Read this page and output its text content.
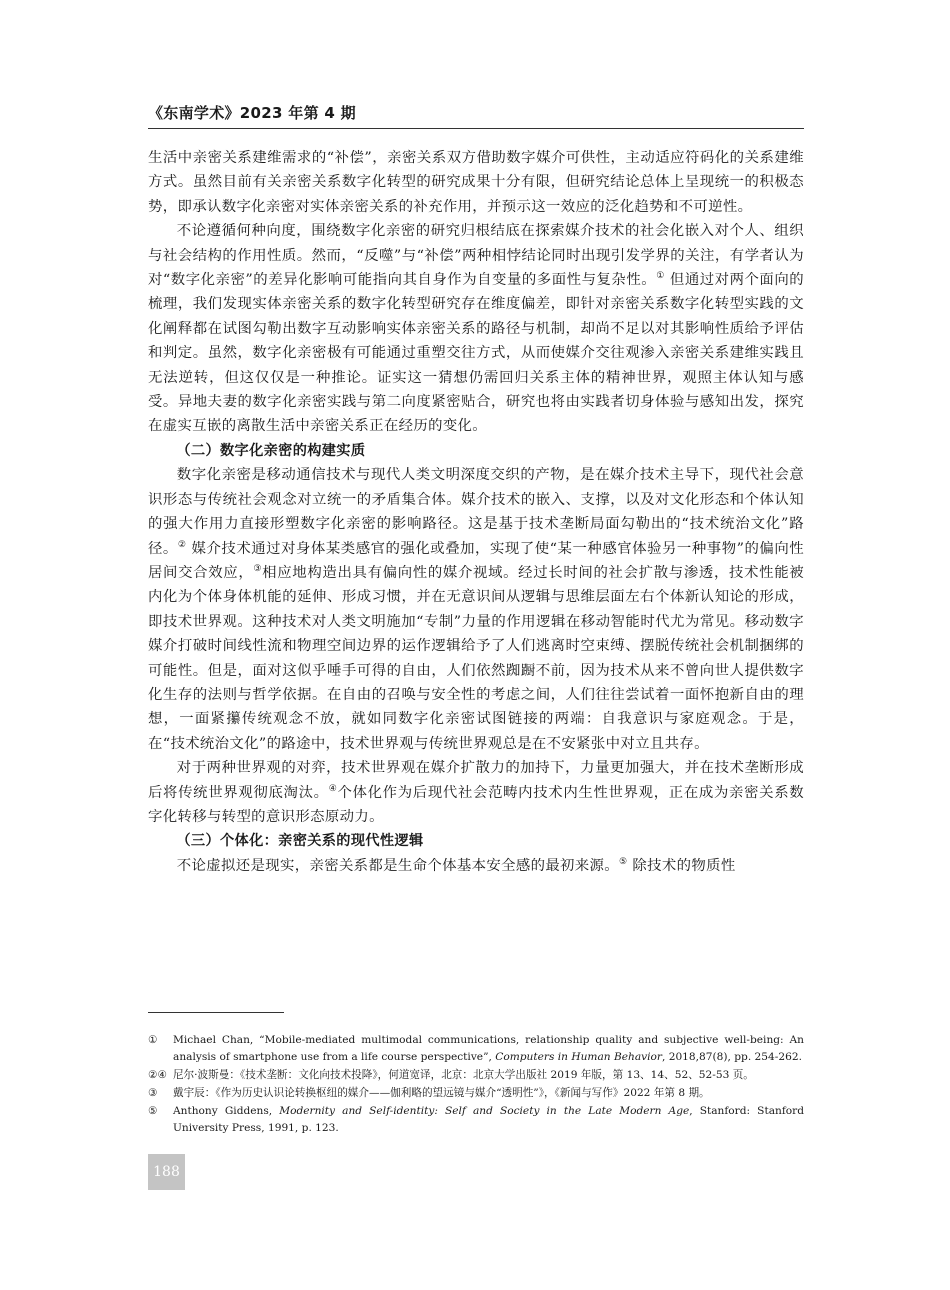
《东南学术》2023 年第 4 期

生活中亲密关系建维需求的“补偿”，亲密关系双方借助数字媒介可供性，主动适应符码化的关系建维方式。虽然目前有关亲密关系数字化转型的研究成果十分有限，但研究结论总体上呈现统一的积极态势，即承认数字化亲密对实体亲密关系的补充作用，并预示这一效应的泛化趋势和不可逆性。

不论遵循何种向度，围绕数字化亲密的研究归根结底在探索媒介技术的社会化嵌入对个人、组织与社会结构的作用性质。然而，“反噬”与“补偿”两种相悖结论同时出现引发学界的关注，有学者认为对“数字化亲密”的差异化影响可能指向其自身作为自变量的多面性与复杂性。① 但通过对两个面向的梳理，我们发现实体亲密关系的数字化转型研究存在维度偏差，即针对亲密关系数字化转型实践的文化阐释都在试图勾勒出数字互动影响实体亲密关系的路径与机制，却尚不足以对其影响性质给予评估和判定。虽然，数字化亲密极有可能通过重塑交往方式，从而使媒介交往观渗入亲密关系建维实践且无法逆转，但这仅仅是一种推论。证实这一猜想仍需回归关系主体的精神世界，观照主体认知与感受。异地夫妻的数字化亲密实践与第二向度紧密贴合，研究也将由实践者切身体验与感知出发，探究在虚实互嵌的离散生活中亲密关系正在经历的变化。

（二）数字化亲密的构建实质

数字化亲密是移动通信技术与现代人类文明深度交织的产物，是在媒介技术主导下，现代社会意识形态与传统社会观念对立统一的矛盾集合体。媒介技术的嵌入、支撑，以及对文化形态和个体认知的强大作用力直接形塑数字化亲密的影响路径。这是基于技术垄断局面勾勒出的“技术统治文化”路径。② 媒介技术通过对身体某类感官的强化或叠加，实现了使“某一种感官体验另一种事物”的偏向性居间交合效应，③相应地构造出具有偏向性的媒介视域。经过长时间的社会扩散与渗透，技术性能被内化为个体身体机能的延伸、形成习惯，并在无意识间从逻辑与思维层面左右个体新认知论的形成，即技术世界观。这种技术对人类文明施加“专制”力量的作用逻辑在移动智能时代尤为常见。移动数字媒介打破时间线性流和物理空间边界的运作逻辑给予了人们逃离时空束缚、摆脱传统社会机制捆绑的可能性。但是，面对这似乎唾手可得的自由，人们依然踟蹰不前，因为技术从来不曾向世人提供数字化生存的法则与哲学依据。在自由的召唤与安全性的考虑之间，人们往往尝试着一面怀抱新自由的理想，一面紧攥传统观念不放，就如同数字化亲密试图链接的两端：自我意识与家庭观念。于是，在“技术统治文化”的路途中，技术世界观与传统世界观总是在不安紧张中对立且共存。

对于两种世界观的对弈，技术世界观在媒介扩散力的加持下，力量更加强大，并在技术垄断形成后将传统世界观彻底淘汰。④个体化作为后现代社会范畴内技术内生性世界观，正在成为亲密关系数字化转移与转型的意识形态原动力。

（三）个体化：亲密关系的现代性逻辑

不论虚拟还是现实，亲密关系都是生命个体基本安全感的最初来源。⑤ 除技术的物质性

①	Michael Chan, “Mobile-mediated multimodal communications, relationship quality and subjective well-being: An analysis of smartphone use from a life course perspective”, Computers in Human Behavior, 2018,87(8), pp. 254-262.
②④ 尼尔·波斯曼：《技术垄断：文化向技术投降》，何道宽译，北京：北京大学出版社 2019 年版，第 13、14、52、52-53 页。
③	戴宇辰：《作为历史认识论转换枢纽的媒介——伽利略的望远镜与媒介“透明性”》，《新闻与写作》2022 年第 8 期。
⑤	Anthony Giddens, Modernity and Self-identity: Self and Society in the Late Modern Age, Stanford: Stanford University Press, 1991, p. 123.
188
